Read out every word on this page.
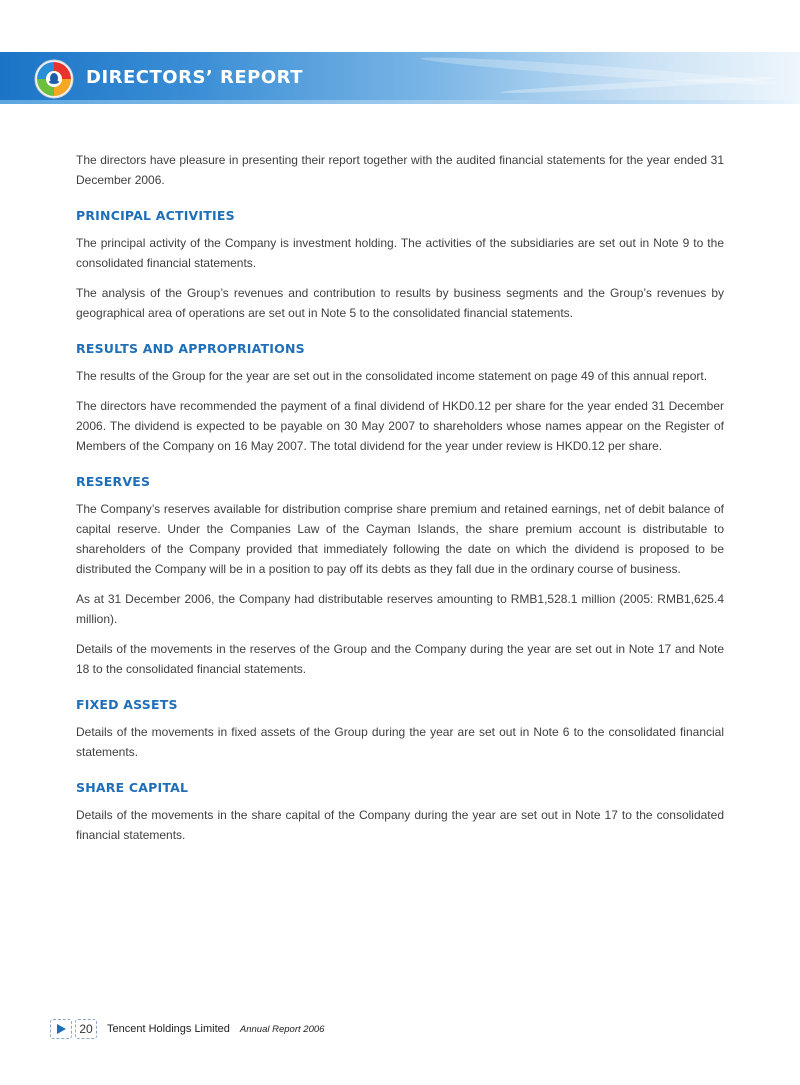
DIRECTORS’ REPORT

The directors have pleasure in presenting their report together with the audited financial statements for the year ended 31 December 2006.

PRINCIPAL ACTIVITIES

The principal activity of the Company is investment holding. The activities of the subsidiaries are set out in Note 9 to the consolidated financial statements.

The analysis of the Group’s revenues and contribution to results by business segments and the Group’s revenues by geographical area of operations are set out in Note 5 to the consolidated financial statements.

RESULTS AND APPROPRIATIONS

The results of the Group for the year are set out in the consolidated income statement on page 49 of this annual report.

The directors have recommended the payment of a final dividend of HKD0.12 per share for the year ended 31 December 2006. The dividend is expected to be payable on 30 May 2007 to shareholders whose names appear on the Register of Members of the Company on 16 May 2007. The total dividend for the year under review is HKD0.12 per share.

RESERVES

The Company’s reserves available for distribution comprise share premium and retained earnings, net of debit balance of capital reserve. Under the Companies Law of the Cayman Islands, the share premium account is distributable to shareholders of the Company provided that immediately following the date on which the dividend is proposed to be distributed the Company will be in a position to pay off its debts as they fall due in the ordinary course of business.

As at 31 December 2006, the Company had distributable reserves amounting to RMB1,528.1 million (2005: RMB1,625.4 million).

Details of the movements in the reserves of the Group and the Company during the year are set out in Note 17 and Note 18 to the consolidated financial statements.

FIXED ASSETS

Details of the movements in fixed assets of the Group during the year are set out in Note 6 to the consolidated financial statements.

SHARE CAPITAL

Details of the movements in the share capital of the Company during the year are set out in Note 17 to the consolidated financial statements.

20	Tencent Holdings Limited Annual Report 2006
